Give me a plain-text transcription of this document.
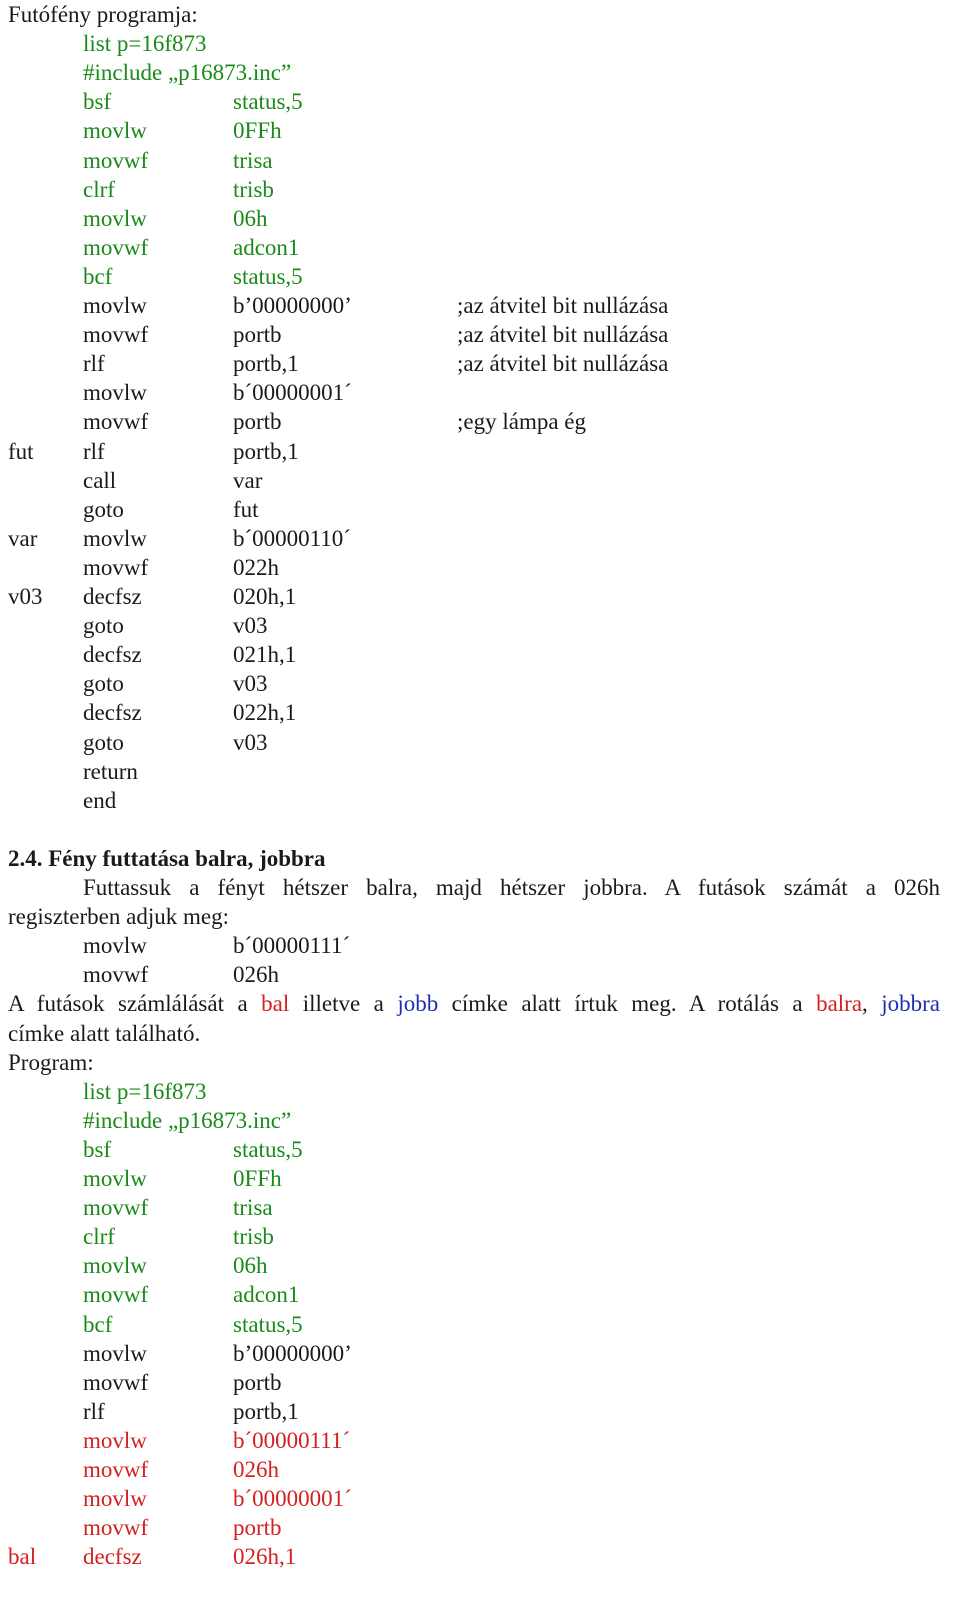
Futófény programja:
list p=16f873
#include „p16873.inc”
bsf	status,5
movlw	0FFh
movwf	trisa
clrf	trisb
movlw	06h
movwf	adcon1
bcf	status,5
movlw	b’00000000’	;az átvitel bit nullázása
movwf	portb	;az átvitel bit nullázása
rlf	portb,1	;az átvitel bit nullázása
movlw	b´00000001´
movwf	portb	;egy lámpa ég
fut rlf	portb,1
call	var
goto	fut
var movlw	b´00000110´
movwf	022h
v03 decfsz	020h,1
goto	v03
decfsz	021h,1
goto	v03
decfsz	022h,1
goto	v03
return
end
2.4. Fény futtatása balra, jobbra
Futtassuk a fényt hétszer balra, majd hétszer jobbra. A futások számát a 026h
regiszterben adjuk meg:
movlw	b´00000111´
movwf	026h
A futások számlálását a bal illetve a jobb címke alatt írtuk meg. A rotálás a balra, jobbra
címke alatt található.
Program:
list p=16f873
#include „p16873.inc”
bsf	status,5
movlw	0FFh
movwf	trisa
clrf	trisb
movlw	06h
movwf	adcon1
bcf	status,5
movlw	b’00000000’
movwf	portb
rlf	portb,1
movlw	b´00000111´
movwf	026h
movlw	b´00000001´
movwf	portb
bal decfsz	026h,1
